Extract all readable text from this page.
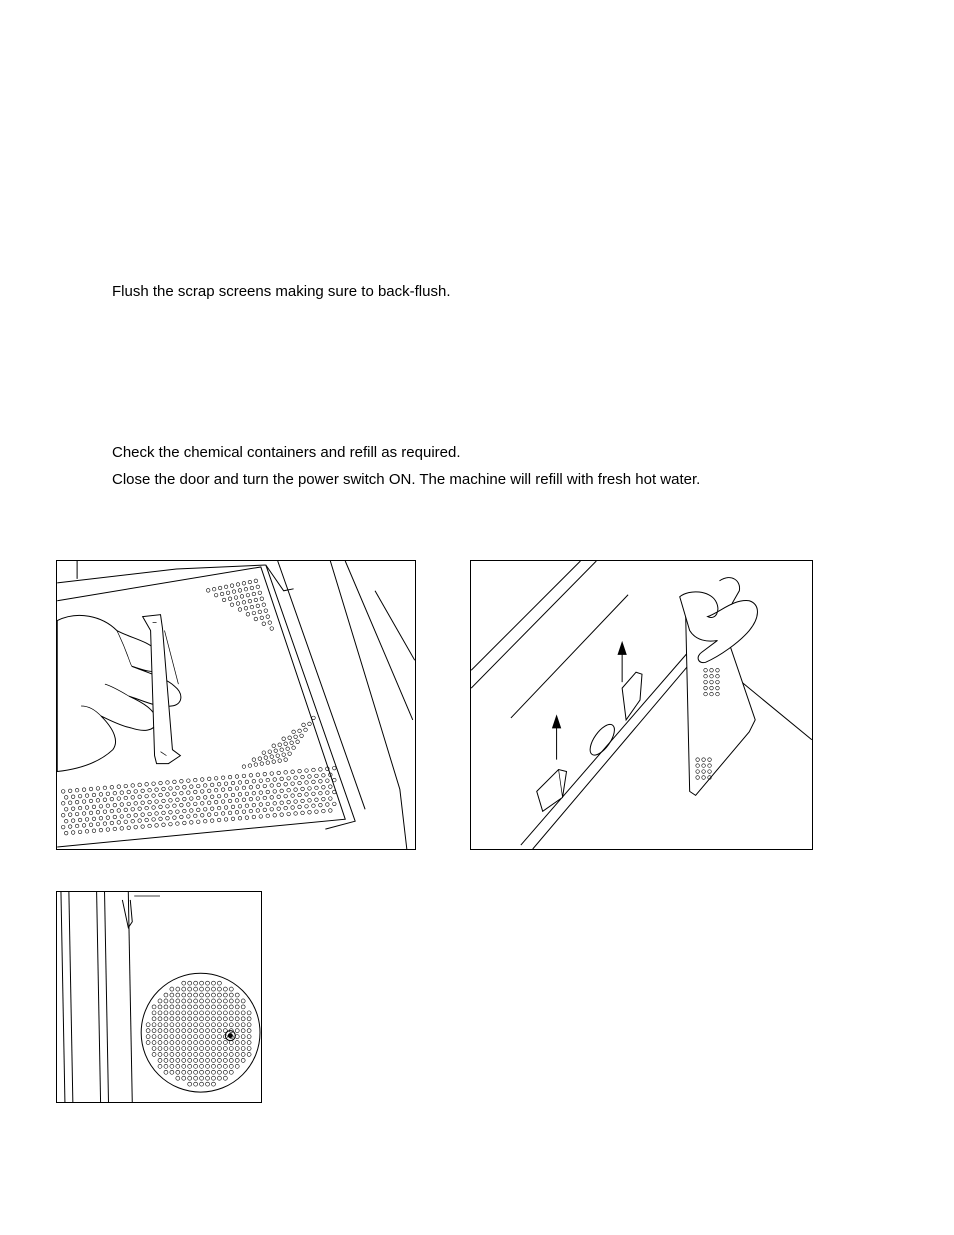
Flush the scrap screens making sure to back-flush.
Check the chemical containers and refill as required.
Close the door and turn the power switch ON. The machine will refill with fresh hot water.
